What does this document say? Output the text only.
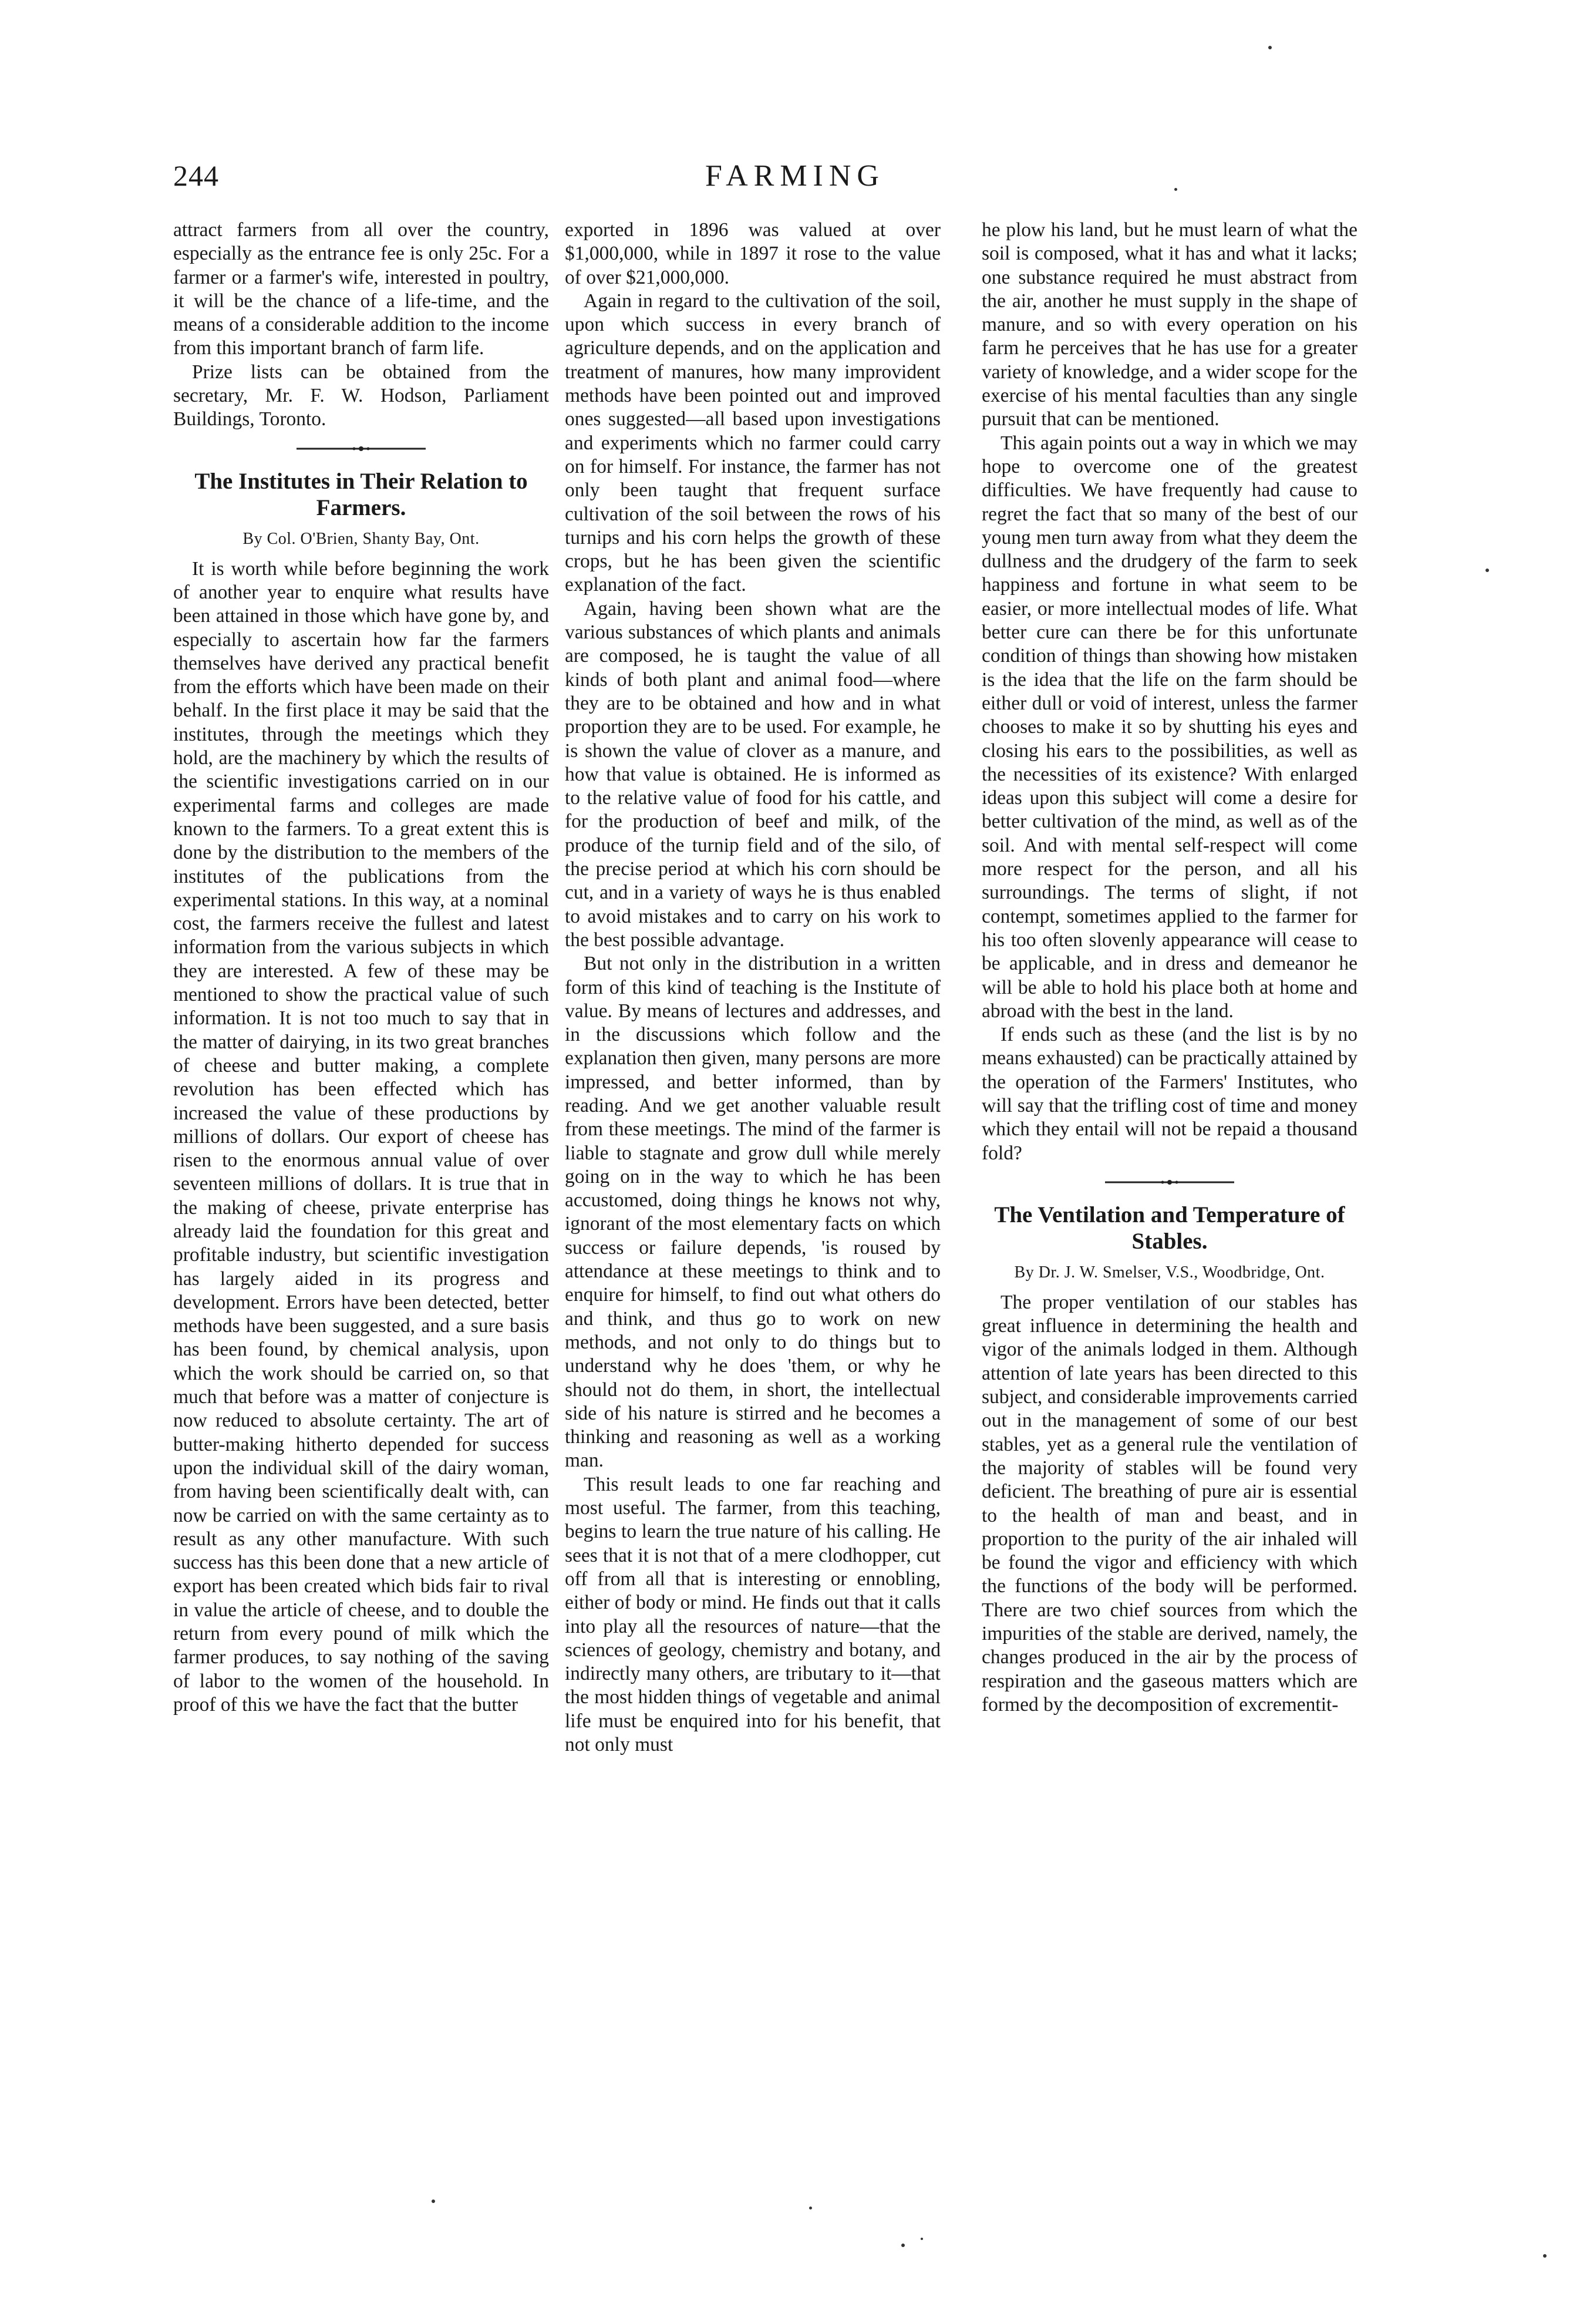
244	FARMING

attract farmers from all over the country, especially as the entrance fee is only 25c. For a farmer or a farmer's wife, interested in poultry, it will be the chance of a life-time, and the means of a considerable addition to the income from this important branch of farm life.

Prize lists can be obtained from the secretary, Mr. F. W. Hodson, Parliament Buildings, Toronto.

The Institutes in Their Relation to Farmers.
By Col. O'Brien, Shanty Bay, Ont.

It is worth while before beginning the work of another year to enquire what results have been attained in those which have gone by, and especially to ascertain how far the farmers themselves have derived any practical benefit from the efforts which have been made on their behalf. In the first place it may be said that the institutes, through the meetings which they hold, are the machinery by which the results of the scientific investigations carried on in our experimental farms and colleges are made known to the farmers. To a great extent this is done by the distribution to the members of the institutes of the publications from the experimental stations. In this way, at a nominal cost, the farmers receive the fullest and latest information from the various subjects in which they are interested. A few of these may be mentioned to show the practical value of such information. It is not too much to say that in the matter of dairying, in its two great branches of cheese and butter making, a complete revolution has been effected which has increased the value of these productions by millions of dollars. Our export of cheese has risen to the enormous annual value of over seventeen millions of dollars. It is true that in the making of cheese, private enterprise has already laid the foundation for this great and profitable industry, but scientific investigation has largely aided in its progress and development. Errors have been detected, better methods have been suggested, and a sure basis has been found, by chemical analysis, upon which the work should be carried on, so that much that before was a matter of conjecture is now reduced to absolute certainty. The art of butter-making hitherto depended for success upon the individual skill of the dairy woman, from having been scientifically dealt with, can now be carried on with the same certainty as to result as any other manufacture. With such success has this been done that a new article of export has been created which bids fair to rival in value the article of cheese, and to double the return from every pound of milk which the farmer produces, to say nothing of the saving of labor to the women of the household. In proof of this we have the fact that the butter

exported in 1896 was valued at over $1,000,000, while in 1897 it rose to the value of over $21,000,000.

Again in regard to the cultivation of the soil, upon which success in every branch of agriculture depends, and on the application and treatment of manures, how many improvident methods have been pointed out and improved ones suggested—all based upon investigations and experiments which no farmer could carry on for himself. For instance, the farmer has not only been taught that frequent surface cultivation of the soil between the rows of his turnips and his corn helps the growth of these crops, but he has been given the scientific explanation of the fact.

Again, having been shown what are the various substances of which plants and animals are composed, he is taught the value of all kinds of both plant and animal food—where they are to be obtained and how and in what proportion they are to be used. For example, he is shown the value of clover as a manure, and how that value is obtained. He is informed as to the relative value of food for his cattle, and for the production of beef and milk, of the produce of the turnip field and of the silo, of the precise period at which his corn should be cut, and in a variety of ways he is thus enabled to avoid mistakes and to carry on his work to the best possible advantage.

But not only in the distribution in a written form of this kind of teaching is the Institute of value. By means of lectures and addresses, and in the discussions which follow and the explanation then given, many persons are more impressed, and better informed, than by reading. And we get another valuable result from these meetings. The mind of the farmer is liable to stagnate and grow dull while merely going on in the way to which he has been accustomed, doing things he knows not why, ignorant of the most elementary facts on which success or failure depends, 'is roused by attendance at these meetings to think and to enquire for himself, to find out what others do and think, and thus go to work on new methods, and not only to do things but to understand why he does 'them, or why he should not do them, in short, the intellectual side of his nature is stirred and he becomes a thinking and reasoning as well as a working man.

This result leads to one far reaching and most useful. The farmer, from this teaching, begins to learn the true nature of his calling. He sees that it is not that of a mere clodhopper, cut off from all that is interesting or ennobling, either of body or mind. He finds out that it calls into play all the resources of nature—that the sciences of geology, chemistry and botany, and indirectly many others, are tributary to it—that the most hidden things of vegetable and animal life must be enquired into for his benefit, that not only must

he plow his land, but he must learn of what the soil is composed, what it has and what it lacks; one substance required he must abstract from the air, another he must supply in the shape of manure, and so with every operation on his farm he perceives that he has use for a greater variety of knowledge, and a wider scope for the exercise of his mental faculties than any single pursuit that can be mentioned.

This again points out a way in which we may hope to overcome one of the greatest difficulties. We have frequently had cause to regret the fact that so many of the best of our young men turn away from what they deem the dullness and the drudgery of the farm to seek happiness and fortune in what seem to be easier, or more intellectual modes of life. What better cure can there be for this unfortunate condition of things than showing how mistaken is the idea that the life on the farm should be either dull or void of interest, unless the farmer chooses to make it so by shutting his eyes and closing his ears to the possibilities, as well as the necessities of its existence? With enlarged ideas upon this subject will come a desire for better cultivation of the mind, as well as of the soil. And with mental self-respect will come more respect for the person, and all his surroundings. The terms of slight, if not contempt, sometimes applied to the farmer for his too often slovenly appearance will cease to be applicable, and in dress and demeanor he will be able to hold his place both at home and abroad with the best in the land.

If ends such as these (and the list is by no means exhausted) can be practically attained by the operation of the Farmers' Institutes, who will say that the trifling cost of time and money which they entail will not be repaid a thousand fold?

The Ventilation and Temperature of Stables.
By Dr. J. W. Smelser, V.S., Woodbridge, Ont.

The proper ventilation of our stables has great influence in determining the health and vigor of the animals lodged in them. Although attention of late years has been directed to this subject, and considerable improvements carried out in the management of some of our best stables, yet as a general rule the ventilation of the majority of stables will be found very deficient. The breathing of pure air is essential to the health of man and beast, and in proportion to the purity of the air inhaled will be found the vigor and efficiency with which the functions of the body will be performed. There are two chief sources from which the impurities of the stable are derived, namely, the changes produced in the air by the process of respiration and the gaseous matters which are formed by the decomposition of excrementit-
